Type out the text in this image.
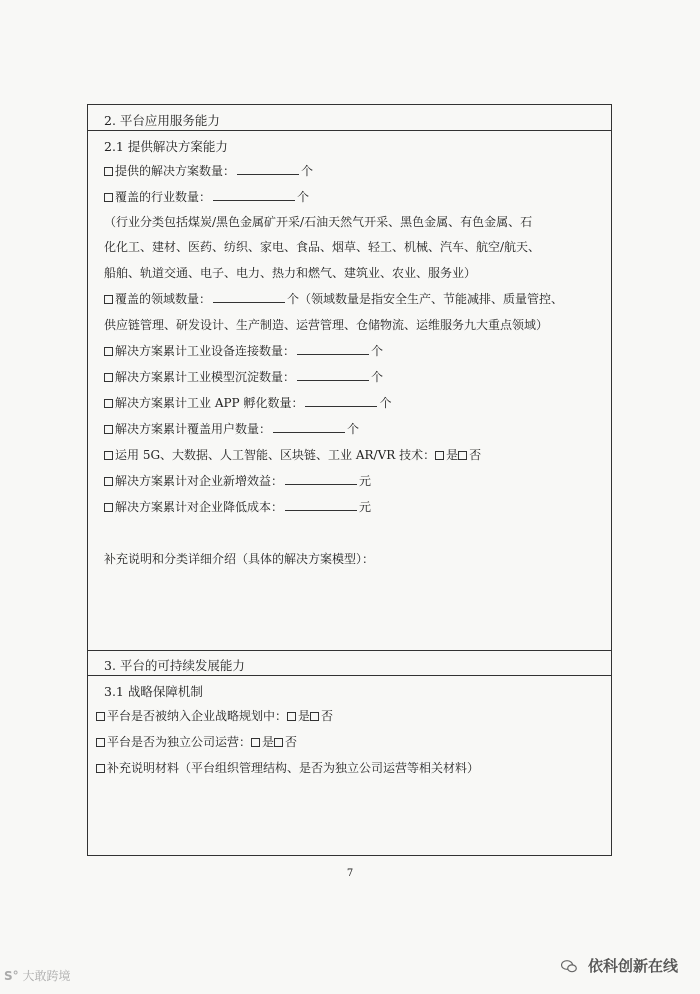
2. 平台应用服务能力
2.1 提供解决方案能力
提供的解决方案数量：	个
覆盖的行业数量：	个
（行业分类包括煤炭/黑色金属矿开采/石油天然气开采、黑色金属、有色金属、石
化化工、建材、医药、纺织、家电、食品、烟草、轻工、机械、汽车、航空/航天、
船舶、轨道交通、电子、电力、热力和燃气、建筑业、农业、服务业）
覆盖的领域数量：	个（领域数量是指安全生产、节能减排、质量管控、
供应链管理、研发设计、生产制造、运营管理、仓储物流、运维服务九大重点领域）
解决方案累计工业设备连接数量：	个
解决方案累计工业模型沉淀数量：	个
解决方案累计工业 APP 孵化数量：	个
解决方案累计覆盖用户数量：	个
运用 5G、大数据、人工智能、区块链、工业 AR/VR 技术： 是 否
解决方案累计对企业新增效益：	元
解决方案累计对企业降低成本：	元
补充说明和分类详细介绍（具体的解决方案模型）：
3. 平台的可持续发展能力
3.1 战略保障机制
平台是否被纳入企业战略规划中： 是 否
平台是否为独立公司运营： 是 否
补充说明材料（平台组织管理结构、是否为独立公司运营等相关材料）
7
S° 大敢跨境
依科创新在线
